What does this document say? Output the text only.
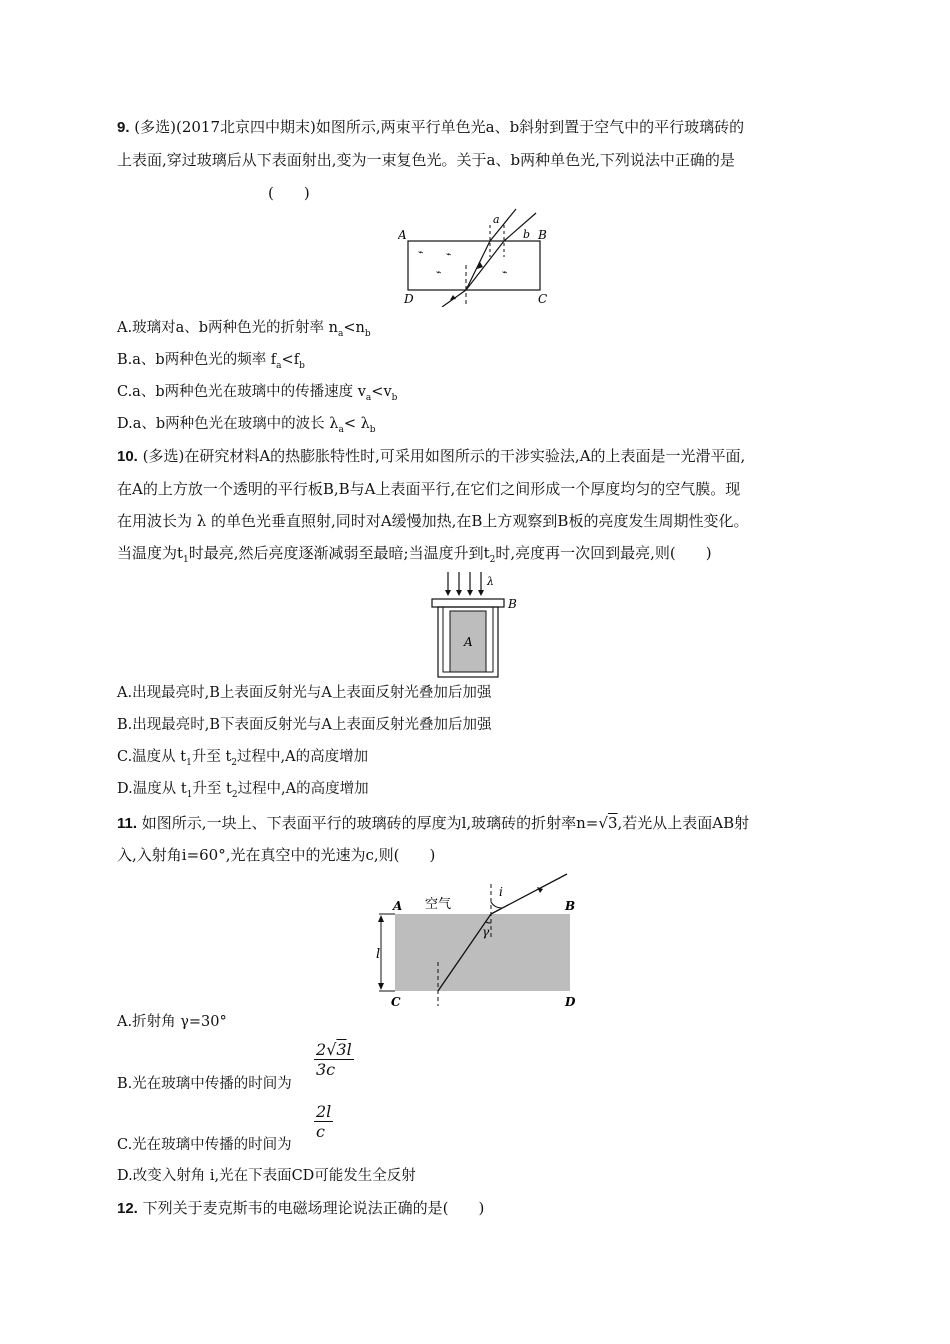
9. (多选)(2017北京四中期末)如图所示,两束平行单色光a、b斜射到置于空气中的平行玻璃砖的
上表面,穿过玻璃后从下表面射出,变为一束复色光。关于a、b两种单色光,下列说法中正确的是
(　　)
⌁	⌁
⌁	⌁
A	B
C
D
a
b
A.玻璃对a、b两种色光的折射率 $n_a<n_b$
B.a、b两种色光的频率 $f_a<f_b$
C.a、b两种色光在玻璃中的传播速度 $v_a<v_b$
D.a、b两种色光在玻璃中的波长 $\lambda_a< \lambda_b$
10. (多选)在研究材料A的热膨胀特性时,可采用如图所示的干涉实验法,A的上表面是一光滑平面,
在A的上方放一个透明的平行板B,B与A上表面平行,在它们之间形成一个厚度均匀的空气膜。现
在用波长为 λ 的单色光垂直照射,同时对A缓慢加热,在B上方观察到B板的亮度发生周期性变化。
当温度为$t_1$时最亮,然后亮度逐渐减弱至最暗;当温度升到$t_2$时,亮度再一次回到最亮,则(　　)
λ
B
A
A.出现最亮时,B上表面反射光与A上表面反射光叠加后加强
B.出现最亮时,B下表面反射光与A上表面反射光叠加后加强
C.温度从 $t_1$升至 $t_2$过程中,A的高度增加
D.温度从 $t_1$升至 $t_2$过程中,A的高度增加
11. 如图所示,一块上、下表面平行的玻璃砖的厚度为l,玻璃砖的折射率n=√3,若光从上表面AB射
入,入射角i=60°,光在真空中的光速为c,则(　　)
l
i
γ
空气
A	B
C	D
A.折射角 γ=30°
2√3l
3c
B.光在玻璃中传播的时间为
2l
c
C.光在玻璃中传播的时间为
D.改变入射角 i,光在下表面CD可能发生全反射
12. 下列关于麦克斯韦的电磁场理论说法正确的是(　　)
